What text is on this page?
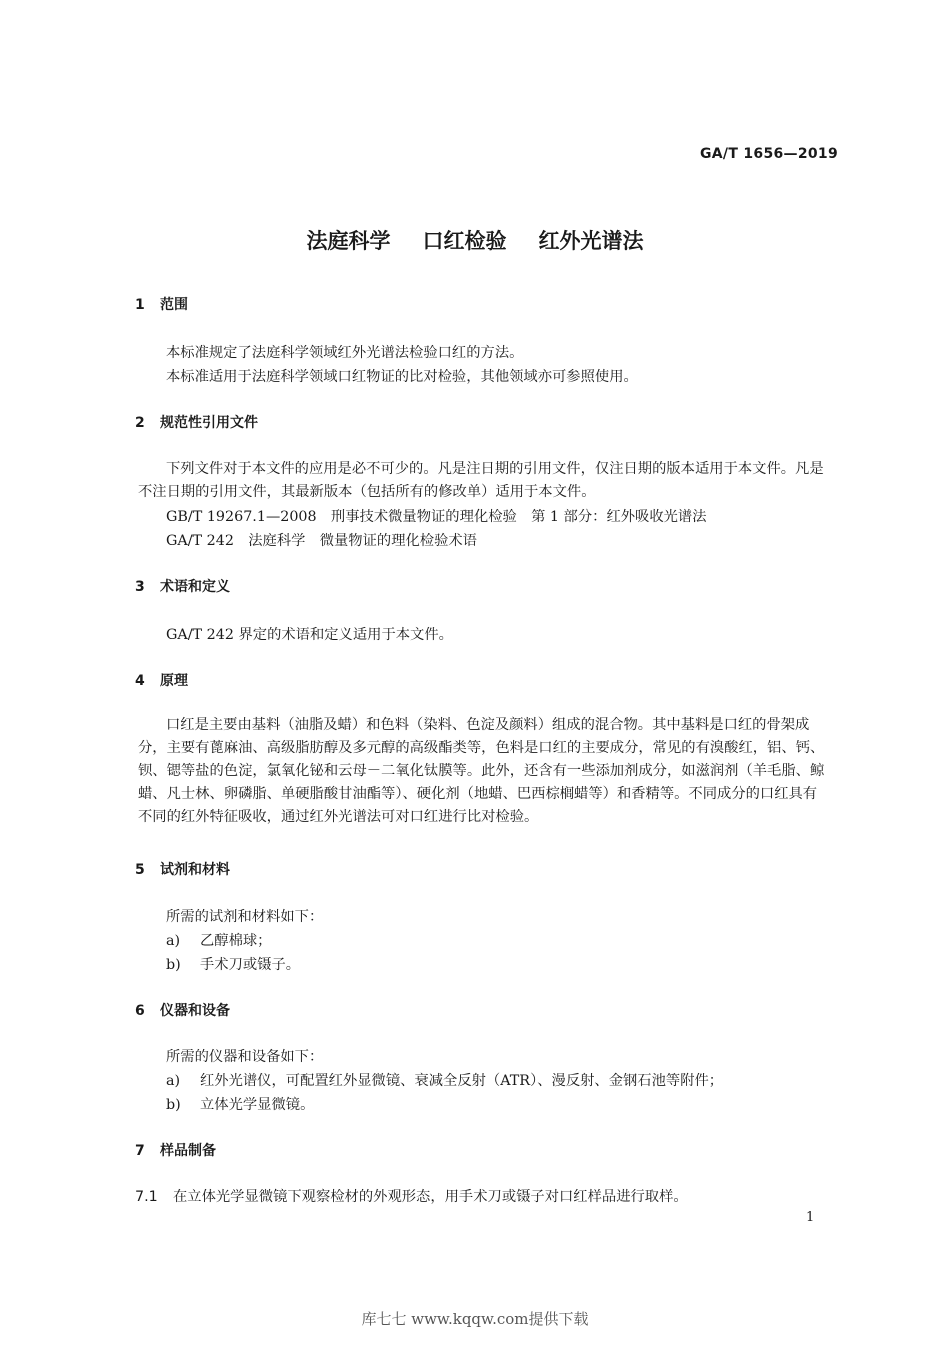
GA/T 1656—2019
法庭科学 口红检验 红外光谱法
1 范围
本标准规定了法庭科学领域红外光谱法检验口红的方法。
本标准适用于法庭科学领域口红物证的比对检验，其他领域亦可参照使用。
2 规范性引用文件
下列文件对于本文件的应用是必不可少的。凡是注日期的引用文件，仅注日期的版本适用于本文件。凡是不注日期的引用文件，其最新版本（包括所有的修改单）适用于本文件。
GB/T 19267.1—2008　刑事技术微量物证的理化检验　第 1 部分：红外吸收光谱法
GA/T 242　法庭科学　微量物证的理化检验术语
3 术语和定义
GA/T 242 界定的术语和定义适用于本文件。
4 原理
口红是主要由基料（油脂及蜡）和色料（染料、色淀及颜料）组成的混合物。其中基料是口红的骨架成分，主要有蓖麻油、高级脂肪醇及多元醇的高级酯类等，色料是口红的主要成分，常见的有溴酸红，铝、钙、钡、锶等盐的色淀，氯氧化铋和云母－二氧化钛膜等。此外，还含有一些添加剂成分，如滋润剂（羊毛脂、鲸蜡、凡士林、卵磷脂、单硬脂酸甘油酯等）、硬化剂（地蜡、巴西棕榈蜡等）和香精等。不同成分的口红具有不同的红外特征吸收，通过红外光谱法可对口红进行比对检验。
5 试剂和材料
所需的试剂和材料如下：
a) 乙醇棉球；
b) 手术刀或镊子。
6 仪器和设备
所需的仪器和设备如下：
a) 红外光谱仪，可配置红外显微镜、衰减全反射（ATR）、漫反射、金钢石池等附件；
b) 立体光学显微镜。
7 样品制备
7.1 在立体光学显微镜下观察检材的外观形态，用手术刀或镊子对口红样品进行取样。
1
库七七 www.kqqw.com提供下载
